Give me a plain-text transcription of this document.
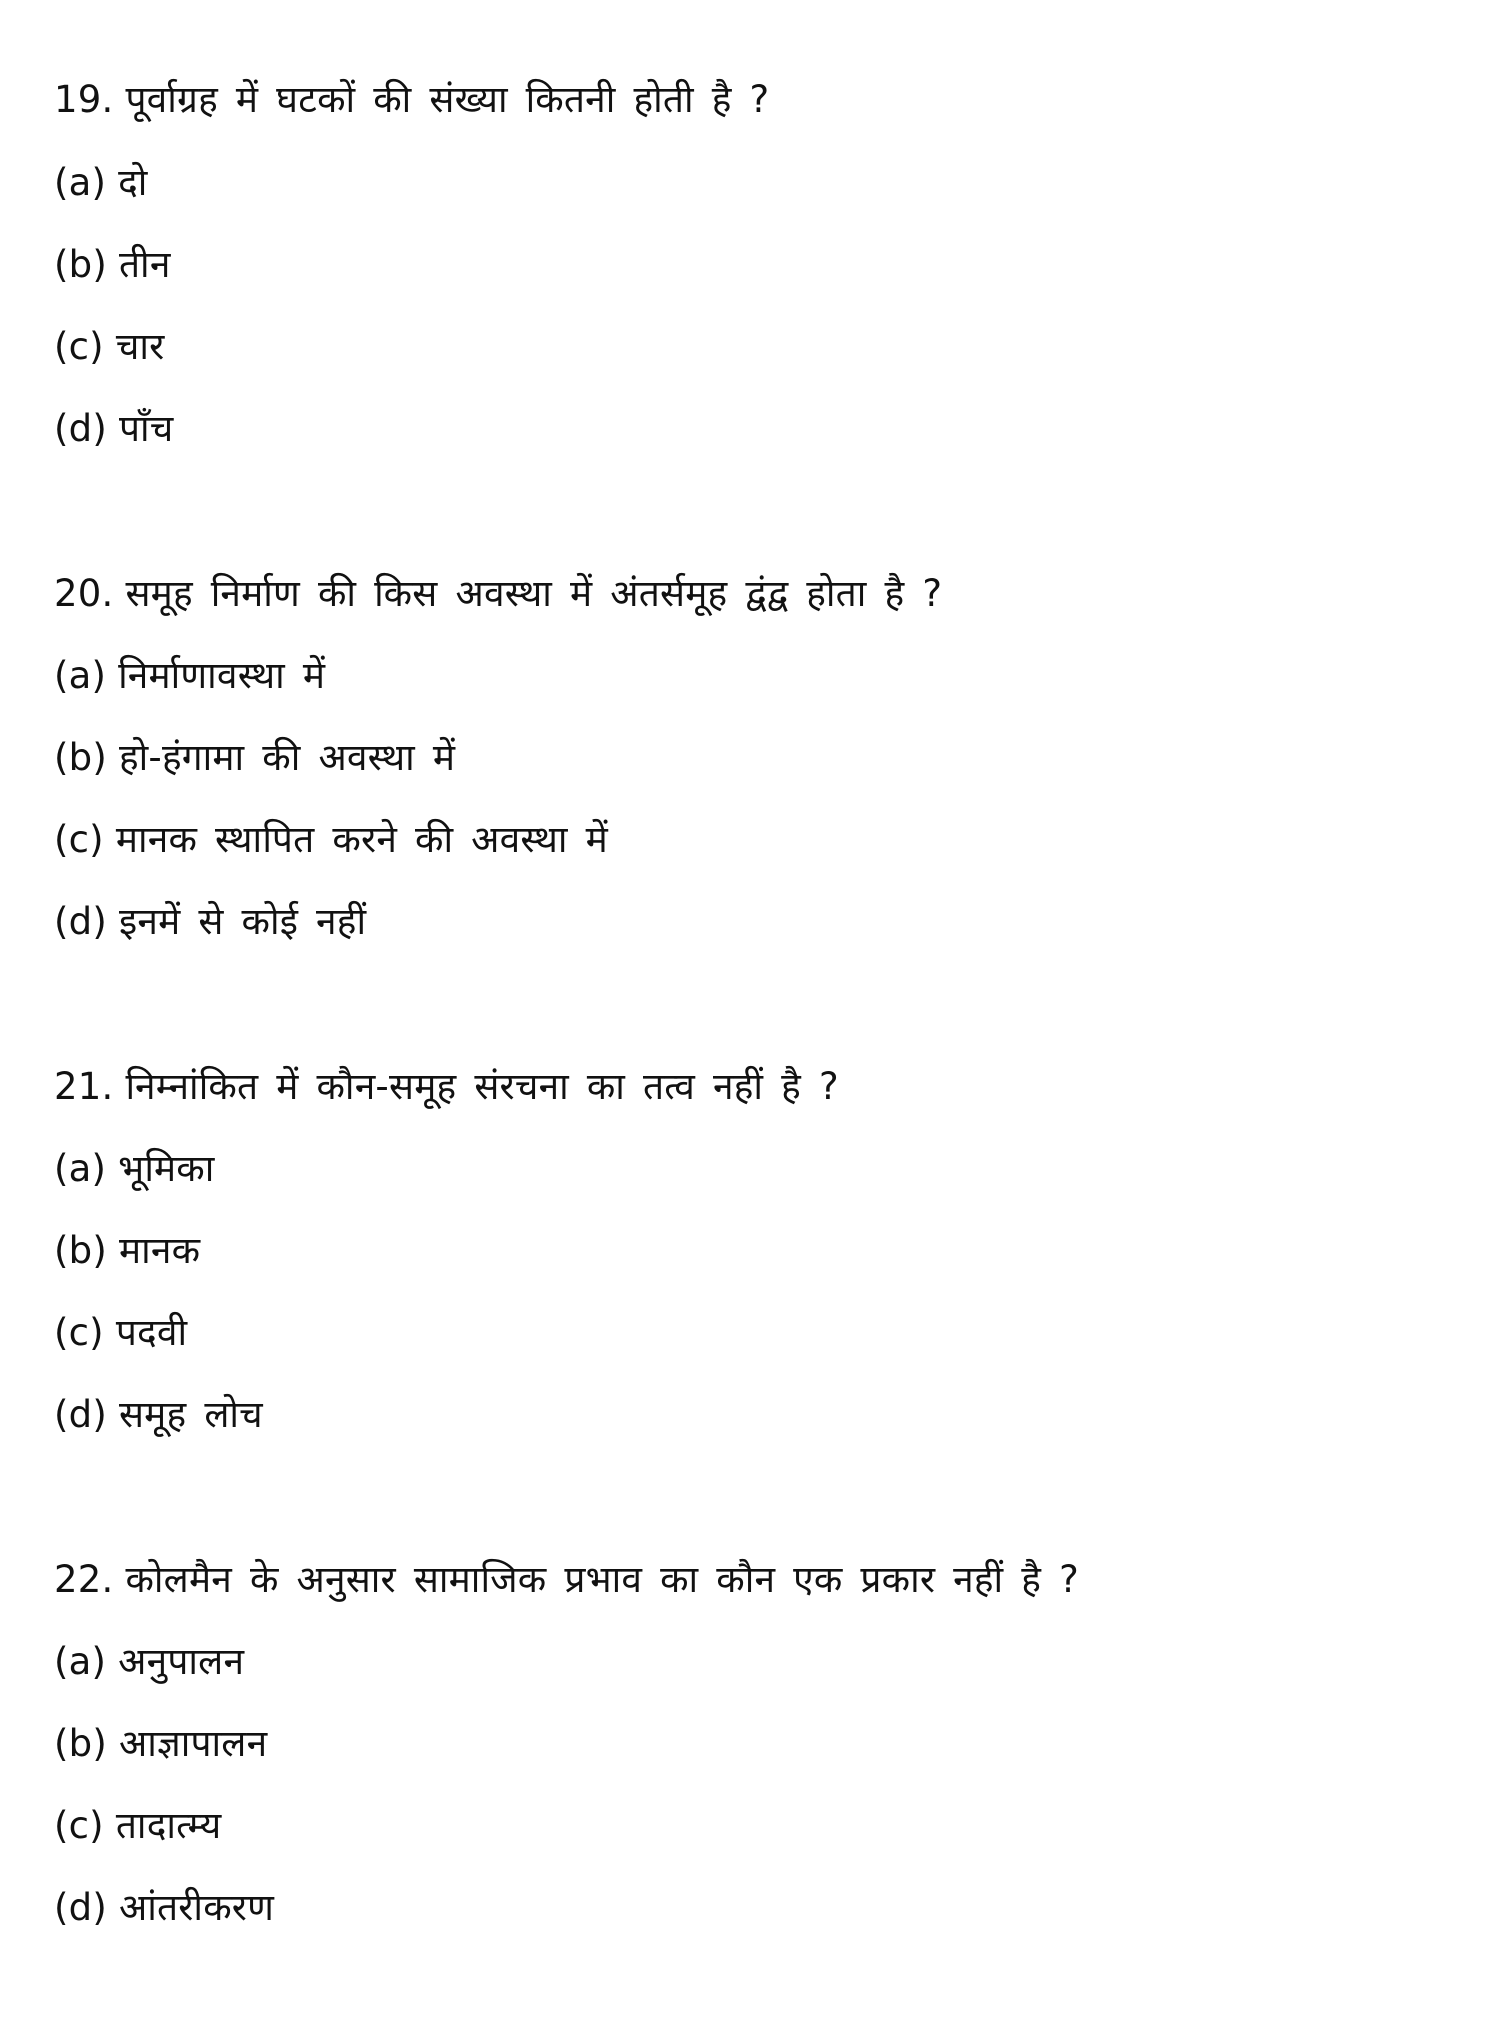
19. पूर्वाग्रह में घटकों की संख्या कितनी होती है ?
(a) दो
(b) तीन
(c) चार
(d) पाँच
20. समूह निर्माण की किस अवस्था में अंतर्समूह द्वंद्व होता है ?
(a) निर्माणावस्था में
(b) हो-हंगामा की अवस्था में
(c) मानक स्थापित करने की अवस्था में
(d) इनमें से कोई नहीं
21. निम्नांकित में कौन-समूह संरचना का तत्व नहीं है ?
(a) भूमिका
(b) मानक
(c) पदवी
(d) समूह लोच
22. कोलमैन के अनुसार सामाजिक प्रभाव का कौन एक प्रकार नहीं है ?
(a) अनुपालन
(b) आज्ञापालन
(c) तादात्म्य
(d) आंतरीकरण
